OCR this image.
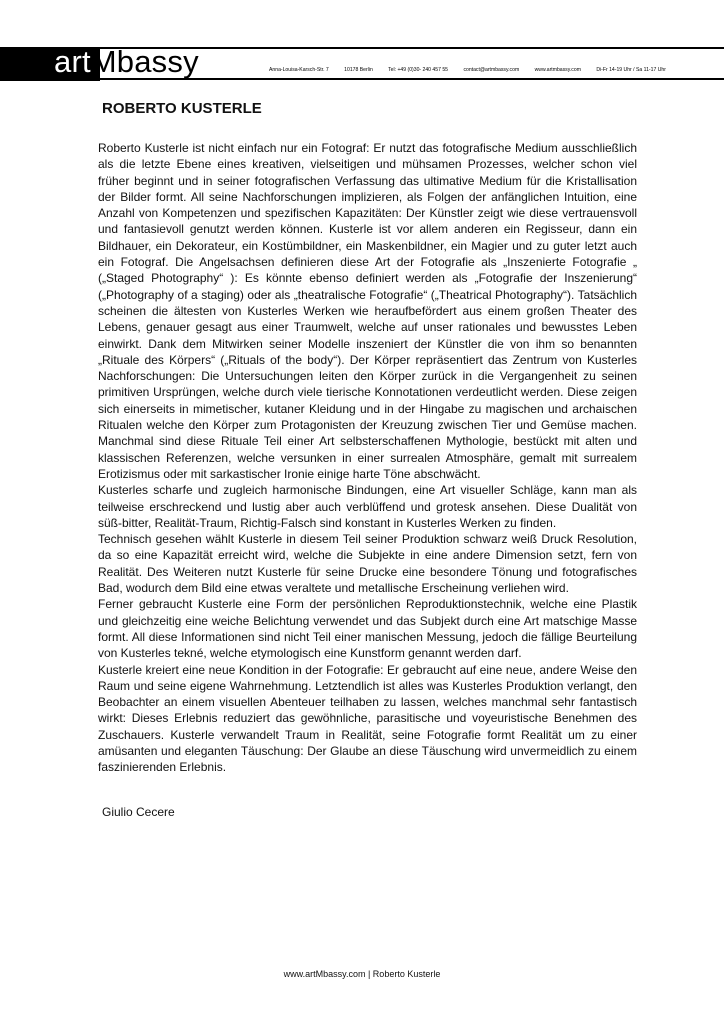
artMbassy	Anna-Louisa-Karsch-Str. 7	10178 Berlin	Tel: +49 (0)30- 240 457 55	contact@artmbassy.com	www.artmbassy.com	Di-Fr 14-19 Uhr / Sa 11-17 Uhr
ROBERTO KUSTERLE

Roberto Kusterle ist nicht einfach nur ein Fotograf: Er nutzt das fotografische Medium ausschließlich als die letzte Ebene eines kreativen, vielseitigen und mühsamen Prozesses, welcher schon viel früher beginnt und in seiner fotografischen Verfassung das ultimative Medium für die Kristallisation der Bilder formt. All seine Nachforschungen implizieren, als Folgen der anfänglichen Intuition, eine Anzahl von Kompetenzen und spezifischen Kapazitäten: Der Künstler zeigt wie diese vertrauensvoll und fantasievoll genutzt werden können. Kusterle ist vor allem anderen ein Regisseur, dann ein Bildhauer, ein Dekorateur, ein Kostümbildner, ein Maskenbildner, ein Magier und zu guter letzt auch ein Fotograf. Die Angelsachsen definieren diese Art der Fotografie als „Inszenierte Fotografie „ („Staged Photography“ ): Es könnte ebenso definiert werden als „Fotografie der Inszenierung“ („Photography of a staging) oder als „theatralische Fotografie“ („Theatrical Photography“). Tatsächlich scheinen die ältesten von Kusterles Werken wie heraufbefördert aus einem großen Theater des Lebens, genauer gesagt aus einer Traumwelt, welche auf unser rationales und bewusstes Leben einwirkt. Dank dem Mitwirken seiner Modelle inszeniert der Künstler die von ihm so benannten „Rituale des Körpers“ („Rituals of the body“). Der Körper repräsentiert das Zentrum von Kusterles Nachforschungen: Die Untersuchungen leiten den Körper zurück in die Vergangenheit zu seinen primitiven Ursprüngen, welche durch viele tierische Konnotationen verdeutlicht werden. Diese zeigen sich einerseits in mimetischer, kutaner Kleidung und in der Hingabe zu magischen und archaischen Ritualen welche den Körper zum Protagonisten der Kreuzung zwischen Tier und Gemüse machen. Manchmal sind diese Rituale Teil einer Art selbsterschaffenen Mythologie, bestückt mit alten und klassischen Referenzen, welche versunken in einer surrealen Atmosphäre, gemalt mit surrealem Erotizismus oder mit sarkastischer Ironie einige harte Töne abschwächt.

Kusterles scharfe und zugleich harmonische Bindungen, eine Art visueller Schläge, kann man als teilweise erschreckend und lustig aber auch verblüffend und grotesk ansehen. Diese Dualität von süß-bitter, Realität-Traum, Richtig-Falsch sind konstant in Kusterles Werken zu finden.

Technisch gesehen wählt Kusterle in diesem Teil seiner Produktion schwarz weiß Druck Resolution, da so eine Kapazität erreicht wird, welche die Subjekte in eine andere Dimension setzt, fern von Realität. Des Weiteren nutzt Kusterle für seine Drucke eine besondere Tönung und fotografisches Bad, wodurch dem Bild eine etwas veraltete und metallische Erscheinung verliehen wird.

Ferner gebraucht Kusterle eine Form der persönlichen Reproduktionstechnik, welche eine Plastik und gleichzeitig eine weiche Belichtung verwendet und das Subjekt durch eine Art matschige Masse formt. All diese Informationen sind nicht Teil einer manischen Messung, jedoch die fällige Beurteilung von Kusterles tekné, welche etymologisch eine Kunstform genannt werden darf.

Kusterle kreiert eine neue Kondition in der Fotografie: Er gebraucht auf eine neue, andere Weise den Raum und seine eigene Wahrnehmung. Letztendlich ist alles was Kusterles Produktion verlangt, den Beobachter an einem visuellen Abenteuer teilhaben zu lassen, welches manchmal sehr fantastisch wirkt: Dieses Erlebnis reduziert das gewöhnliche, parasitische und voyeuristische Benehmen des Zuschauers. Kusterle verwandelt Traum in Realität, seine Fotografie formt Realität um zu einer amüsanten und eleganten Täuschung: Der Glaube an diese Täuschung wird unvermeidlich zu einem faszinierenden Erlebnis.

Giulio Cecere
www.artMbassy.com | Roberto Kusterle
